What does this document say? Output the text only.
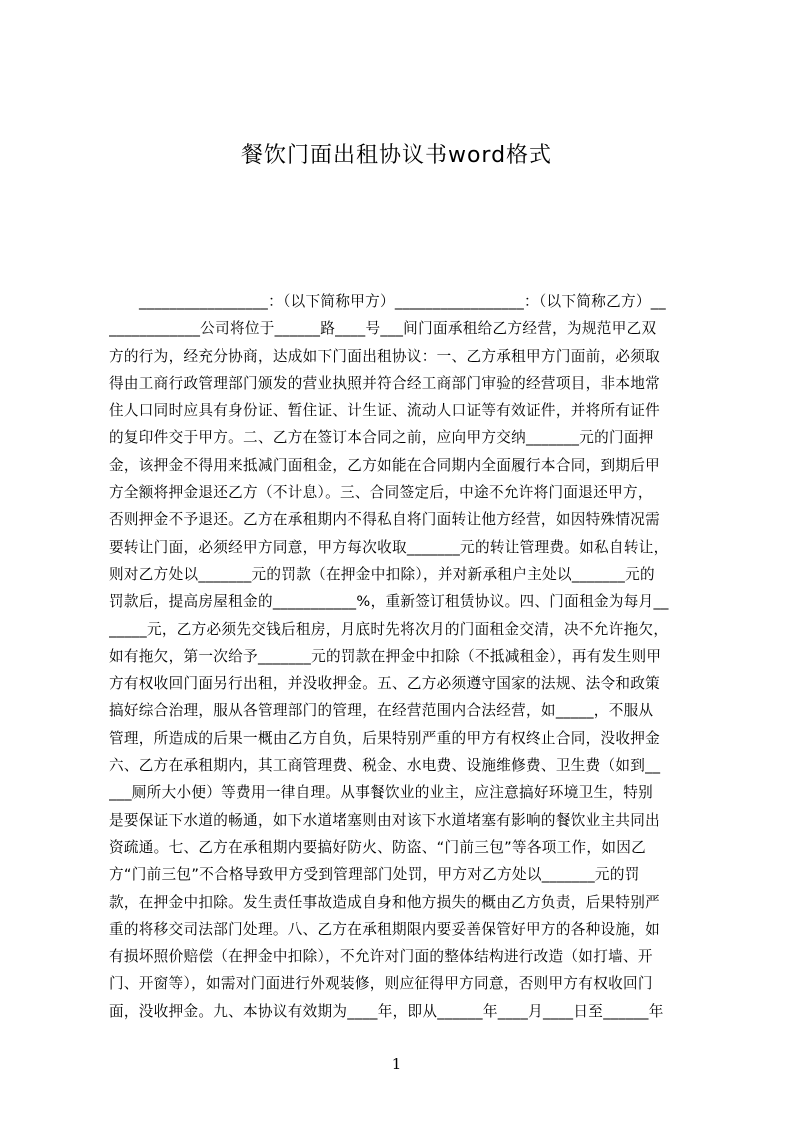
餐饮门面出租协议书word格式
_________________：（以下简称甲方）_________________：（以下简称乙方）__
____________公司将位于______路____号___间门面承租给乙方经营，为规范甲乙双
方的行为，经充分协商，达成如下门面出租协议：一、乙方承租甲方门面前，必须取
得由工商行政管理部门颁发的营业执照并符合经工商部门审验的经营项目，非本地常
住人口同时应具有身份证、暂住证、计生证、流动人口证等有效证件，并将所有证件
的复印件交于甲方。二、乙方在签订本合同之前，应向甲方交纳_______元的门面押
金，该押金不得用来抵减门面租金，乙方如能在合同期内全面履行本合同，到期后甲
方全额将押金退还乙方（不计息）。三、合同签定后，中途不允许将门面退还甲方，
否则押金不予退还。乙方在承租期内不得私自将门面转让他方经营，如因特殊情况需
要转让门面，必须经甲方同意，甲方每次收取_______元的转让管理费。如私自转让，
则对乙方处以_______元的罚款（在押金中扣除），并对新承租户主处以_______元的
罚款后，提高房屋租金的___________%，重新签订租赁协议。四、门面租金为每月__
_____元，乙方必须先交钱后租房，月底时先将次月的门面租金交清，决不允许拖欠，
如有拖欠，第一次给予_______元的罚款在押金中扣除（不抵减租金），再有发生则甲
方有权收回门面另行出租，并没收押金。五、乙方必须遵守国家的法规、法令和政策
搞好综合治理，服从各管理部门的管理，在经营范围内合法经营，如_____，不服从
管理，所造成的后果一概由乙方自负，后果特别严重的甲方有权终止合同，没收押金
六、乙方在承租期内，其工商管理费、税金、水电费、设施维修费、卫生费（如到__
___厕所大小便）等费用一律自理。从事餐饮业的业主，应注意搞好环境卫生，特别
是要保证下水道的畅通，如下水道堵塞则由对该下水道堵塞有影响的餐饮业主共同出
资疏通。七、乙方在承租期内要搞好防火、防盗、“门前三包”等各项工作，如因乙
方“门前三包”不合格导致甲方受到管理部门处罚，甲方对乙方处以_______元的罚
款，在押金中扣除。发生责任事故造成自身和他方损失的概由乙方负责，后果特别严
重的将移交司法部门处理。八、乙方在承租期限内要妥善保管好甲方的各种设施，如
有损坏照价赔偿（在押金中扣除），不允许对门面的整体结构进行改造（如打墙、开
门、开窗等），如需对门面进行外观装修，则应征得甲方同意，否则甲方有权收回门
面，没收押金。九、本协议有效期为____年，即从______年____月____日至______年
1
